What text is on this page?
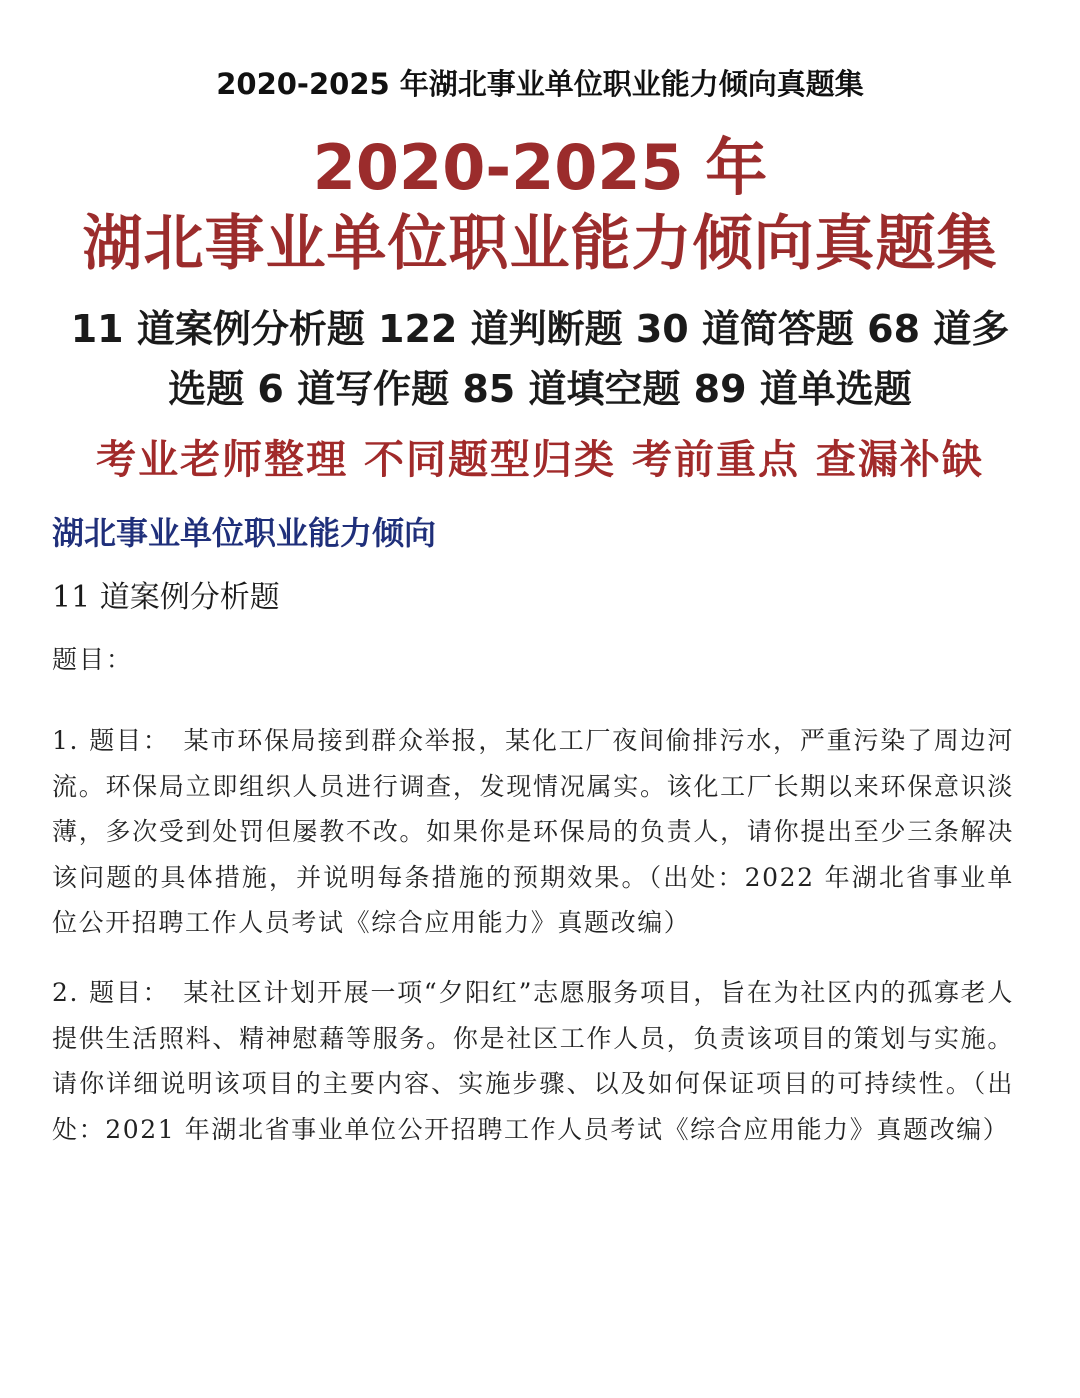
2020-2025 年湖北事业单位职业能力倾向真题集
2020-2025 年
湖北事业单位职业能力倾向真题集
11 道案例分析题 122 道判断题 30 道简答题 68 道多
选题 6 道写作题 85 道填空题 89 道单选题
考业老师整理 不同题型归类 考前重点 查漏补缺
湖北事业单位职业能力倾向
11 道案例分析题
题目：
1. 题目： 某市环保局接到群众举报，某化工厂夜间偷排污水，严重污染了周边河流。环保局立即组织人员进行调查，发现情况属实。该化工厂长期以来环保意识淡薄，多次受到处罚但屡教不改。如果你是环保局的负责人，请你提出至少三条解决该问题的具体措施，并说明每条措施的预期效果。（出处：2022 年湖北省事业单位公开招聘工作人员考试《综合应用能力》真题改编）
2. 题目： 某社区计划开展一项“夕阳红”志愿服务项目，旨在为社区内的孤寡老人提供生活照料、精神慰藉等服务。你是社区工作人员，负责该项目的策划与实施。请你详细说明该项目的主要内容、实施步骤、以及如何保证项目的可持续性。（出处：2021 年湖北省事业单位公开招聘工作人员考试《综合应用能力》真题改编）
